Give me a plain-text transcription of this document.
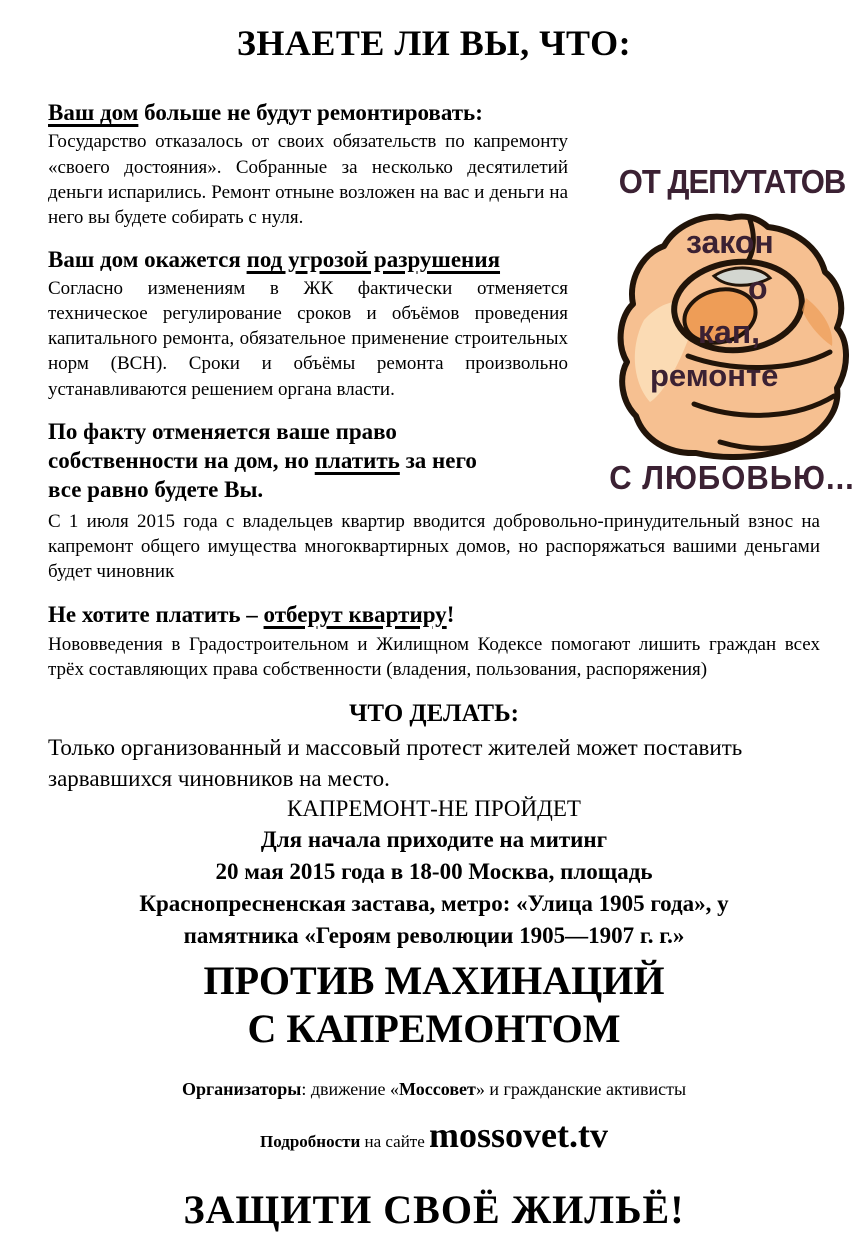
ЗНАЕТЕ ЛИ ВЫ, ЧТО:
Ваш дом больше не будут ремонтировать:

Государство отказалось от своих обязательств по капремонту «своего достояния». Собранные за несколько десятилетий деньги испарились. Ремонт отныне возложен на вас и деньги на него вы будете собирать с нуля.

Ваш дом окажется под угрозой разрушения

Согласно изменениям в ЖК фактически отменяется техническое регулирование сроков и объёмов проведения капитального ремонта, обязательное применение строительных норм (ВСН). Сроки и объёмы ремонта произвольно устанавливаются решением органа власти.

По факту отменяется ваше право
собственности на дом, но платить за него
все равно будете Вы.
ОТ ДЕПУТАТОВ
закон
о
кап,
ремонте
С ЛЮБОВЬЮ...

С 1 июля 2015 года с владельцев квартир вводится добровольно-принудительный взнос на капремонт общего имущества многоквартирных домов, но распоряжаться вашими деньгами будет чиновник

Не хотите платить – отберут квартиру!

Нововведения в Градостроительном и Жилищном Кодексе помогают лишить граждан всех трёх составляющих права собственности (владения, пользования, распоряжения)

ЧТО ДЕЛАТЬ:

Только организованный и массовый протест жителей может поставить зарвавшихся чиновников на место.

КАПРЕМОНТ-НЕ ПРОЙДЕТ

Для начала приходите на митинг

20 мая 2015 года в 18-00 Москва, площадь

Краснопресненская застава, метро: «Улица 1905 года», у

памятника «Героям революции 1905—1907 г. г.»

ПРОТИВ МАХИНАЦИЙ
С КАПРЕМОНТОМ
Организаторы: движение «Моссовет» и гражданские активисты
Подробности на сайте mossovet.tv
ЗАЩИТИ СВОЁ ЖИЛЬЁ!
